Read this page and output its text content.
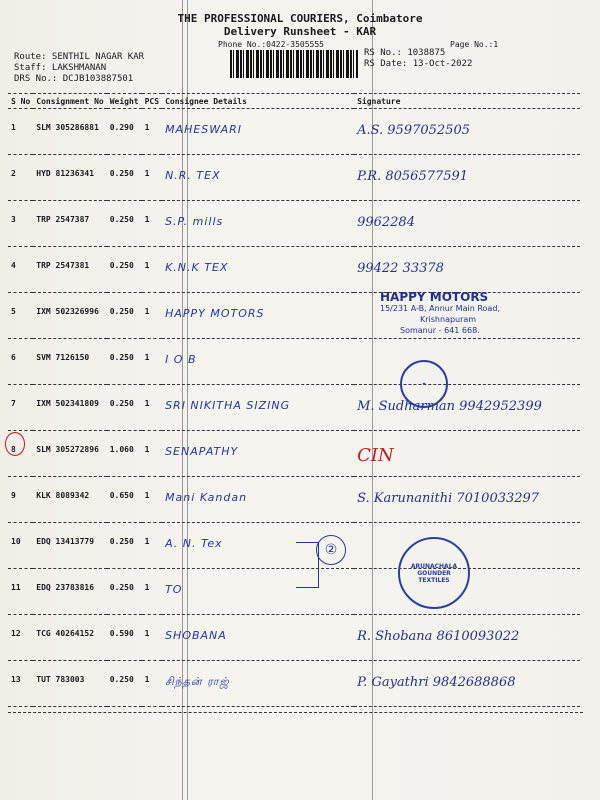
THE PROFESSIONAL COURIERS, Coimbatore
Delivery Runsheet - KAR
Phone No.:0422-3505555	Page No.:1
Route: SENTHIL NAGAR KAR
Staff: LAKSHMANAN
DRS No.: DCJB103887501
RS No.: 1038875
RS Date: 13-Oct-2022
S No	Consignment No	Weight	PCS	Consignee Details	Signature
1	SLM 305286881	0.290	1	MAHESWARI	A.S. 9597052505
2	HYD 81236341	0.250	1	N.R. TEX	P.R. 8056577591
3	TRP 2547387	0.250	1	S.P. mills	9962284
4	TRP 2547381	0.250	1	K.N.K TEX	99422 33378
5	IXM 502326996	0.250	1	HAPPY MOTORS	
6	SVM 7126150	0.250	1	I O B	
7	IXM 502341809	0.250	1	SRI NIKITHA SIZING	M. Sudharman 9942952399
8	SLM 305272896	1.060	1	SENAPATHY	CIN
9	KLK 8089342	0.650	1	Mani Kandan	S. Karunanithi 7010033297
10	EDQ 13413779	0.250	1	A. N. Tex	
11	EDQ 23783816	0.250	1	TO	
12	TCG 40264152	0.590	1	SHOBANA	R. Shobana 8610093022
13	TUT 783003	0.250	1	சிந்தன் ராஜ்	P. Gayathri 9842688868
②
HAPPY MOTORS
15/231 A-B, Annur Main Road,
Krishnapuram
Somanur - 641 668.
✦
ARUNACHALA GOUNDER TEXTILES
